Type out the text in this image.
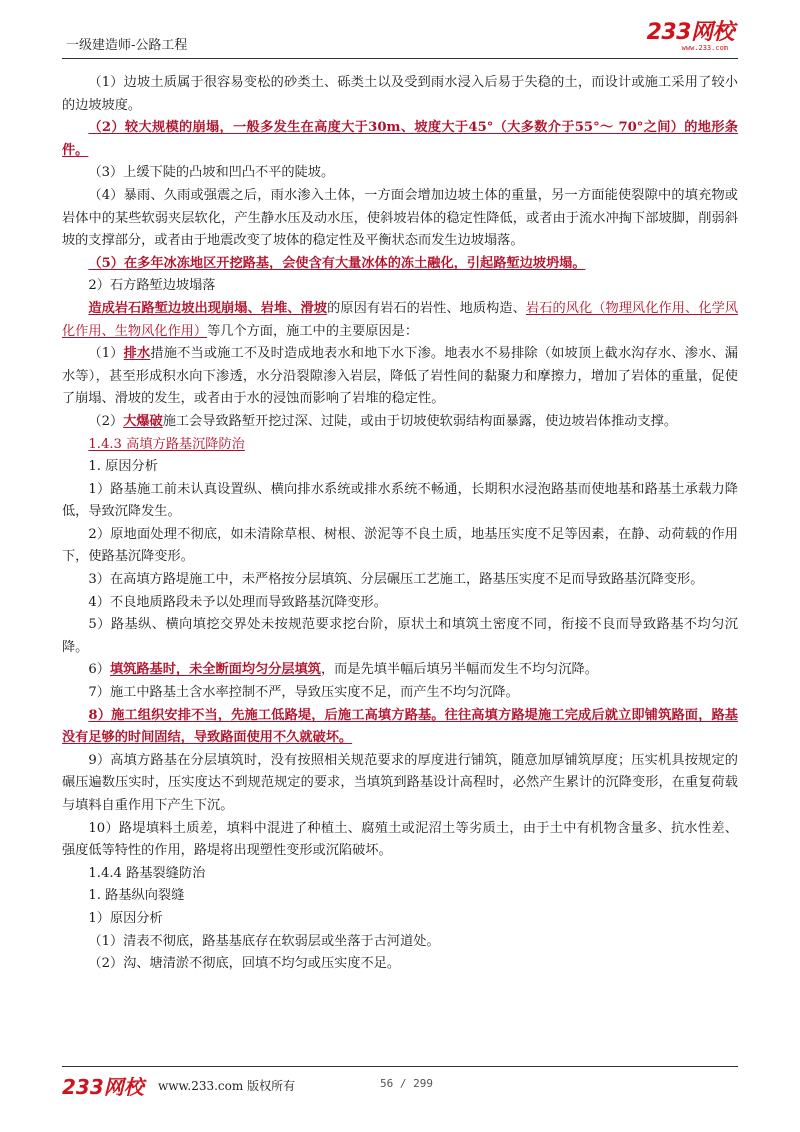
一级建造师-公路工程
233网校
www.233.com

（1）边坡土质属于很容易变松的砂类土、砾类土以及受到雨水浸入后易于失稳的土，而设计或施工采用了较小的边坡坡度。

（2）较大规模的崩塌，一般多发生在高度大于30m、坡度大于45°（大多数介于55°～ 70°之间）的地形条件。

（3）上缓下陡的凸坡和凹凸不平的陡坡。

（4）暴雨、久雨或强震之后，雨水渗入土体，一方面会增加边坡土体的重量，另一方面能使裂隙中的填充物或岩体中的某些软弱夹层软化，产生静水压及动水压，使斜坡岩体的稳定性降低，或者由于流水冲掏下部坡脚，削弱斜坡的支撑部分，或者由于地震改变了坡体的稳定性及平衡状态而发生边坡塌落。

（5）在多年冰冻地区开挖路基，会使含有大量冰体的冻土融化，引起路堑边坡坍塌。

2）石方路堑边坡塌落

造成岩石路堑边坡出现崩塌、岩堆、滑坡的原因有岩石的岩性、地质构造、岩石的风化（物理风化作用、化学风化作用、生物风化作用）等几个方面，施工中的主要原因是：

（1）排水措施不当或施工不及时造成地表水和地下水下渗。地表水不易排除（如坡顶上截水沟存水、渗水、漏水等），甚至形成积水向下渗透，水分沿裂隙渗入岩层，降低了岩性间的黏聚力和摩擦力，增加了岩体的重量，促使了崩塌、滑坡的发生，或者由于水的浸蚀而影响了岩堆的稳定性。

（2）大爆破施工会导致路堑开挖过深、过陡，或由于切坡使软弱结构面暴露，使边坡岩体推动支撑。

1.4.3 高填方路基沉降防治

1. 原因分析

1）路基施工前未认真设置纵、横向排水系统或排水系统不畅通，长期积水浸泡路基而使地基和路基土承载力降低，导致沉降发生。

2）原地面处理不彻底，如未清除草根、树根、淤泥等不良土质，地基压实度不足等因素，在静、动荷载的作用下，使路基沉降变形。

3）在高填方路堤施工中，未严格按分层填筑、分层碾压工艺施工，路基压实度不足而导致路基沉降变形。

4）不良地质路段未予以处理而导致路基沉降变形。

5）路基纵、横向填挖交界处未按规范要求挖台阶，原状土和填筑土密度不同，衔接不良而导致路基不均匀沉降。

6）填筑路基时，未全断面均匀分层填筑，而是先填半幅后填另半幅而发生不均匀沉降。

7）施工中路基土含水率控制不严，导致压实度不足，而产生不均匀沉降。

8）施工组织安排不当，先施工低路堤，后施工高填方路基。往往高填方路堤施工完成后就立即铺筑路面，路基没有足够的时间固结，导致路面使用不久就破坏。

9）高填方路基在分层填筑时，没有按照相关规范要求的厚度进行铺筑，随意加厚铺筑厚度；压实机具按规定的碾压遍数压实时，压实度达不到规范规定的要求，当填筑到路基设计高程时，必然产生累计的沉降变形，在重复荷载与填料自重作用下产生下沉。

10）路堤填料土质差，填料中混进了种植土、腐殖土或泥沼土等劣质土，由于土中有机物含量多、抗水性差、强度低等特性的作用，路堤将出现塑性变形或沉陷破坏。

1.4.4 路基裂缝防治

1. 路基纵向裂缝

1）原因分析

（1）清表不彻底，路基基底存在软弱层或坐落于古河道处。

（2）沟、塘清淤不彻底，回填不均匀或压实度不足。

233网校 www.233.com 版权所有	56 / 299
